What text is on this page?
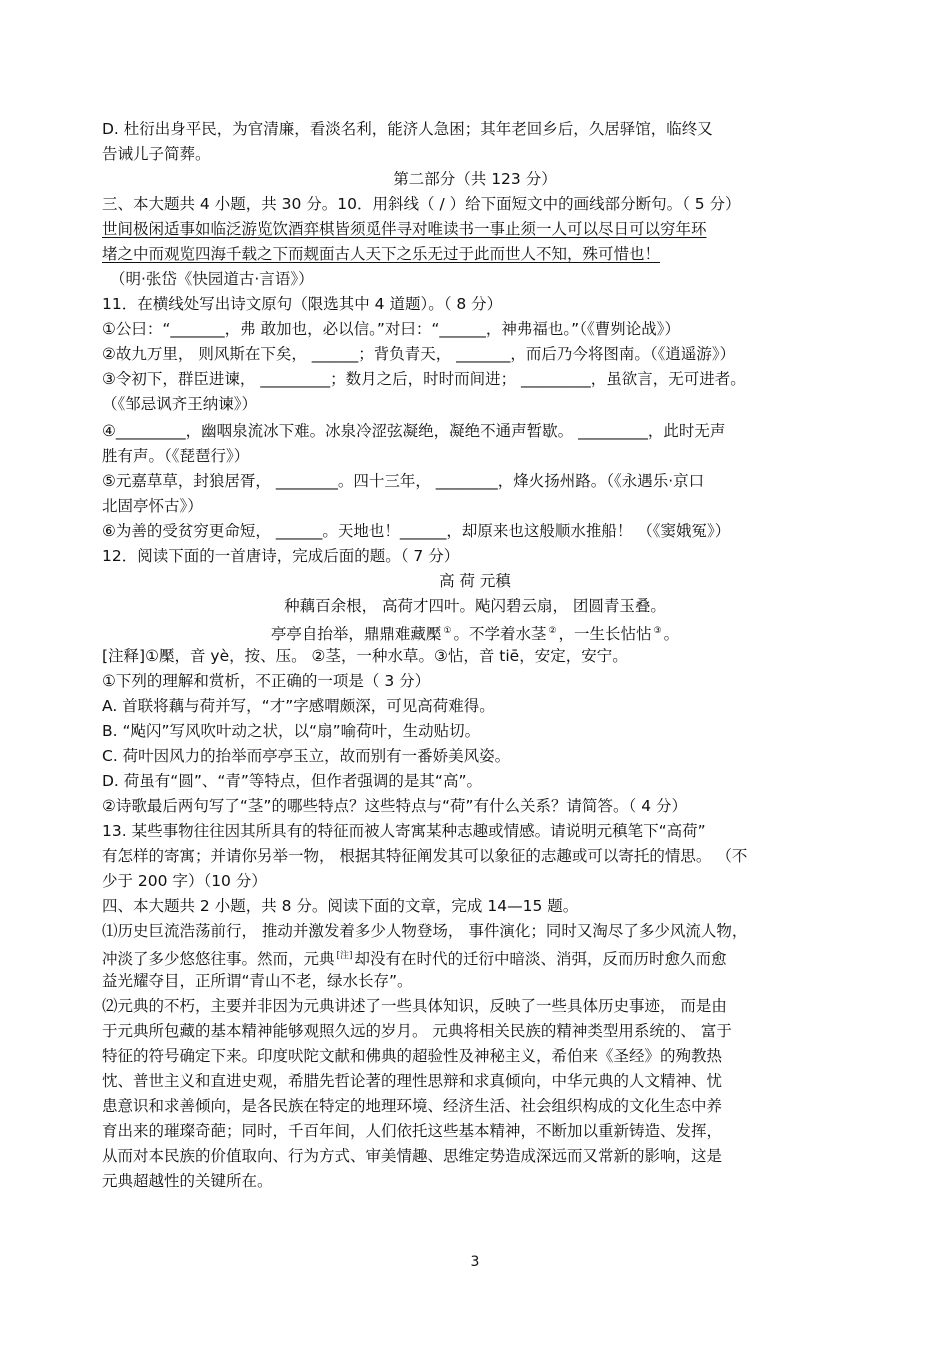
D. 杜衍出身平民，为官清廉，看淡名利，能济人急困；其年老回乡后，久居驿馆，临终又
告诫儿子简葬。
第二部分（共 123 分）
三、本大题共 4 小题，共 30 分。10．用斜线（ / ）给下面短文中的画线部分断句。（ 5 分）
世间极闲适事如临泛游览饮酒弈棋皆须觅伴寻对唯读书一事止须一人可以尽日可以穷年环
堵之中而观览四海千载之下而觌面古人天下之乐无过于此而世人不知，殊可惜也！
（明·张岱《快园道古·言语》）
11．在横线处写出诗文原句（限选其中 4 道题）。（ 8 分）
①公曰：“_______，弗 敢加也，必以信。”对曰：“______，神弗福也。”（《曹刿论战》）
②故九万里， 则风斯在下矣， ______；背负青天， _______，而后乃今将图南。（《逍遥游》）
③令初下，群臣进谏， _________；数月之后，时时而间进； _________，虽欲言，无可进者。
（《邹忌讽齐王纳谏》）
④_________，幽咽泉流冰下难。冰泉冷涩弦凝绝，凝绝不通声暂歇。 _________，此时无声
胜有声。（《琵琶行》）
⑤元嘉草草，封狼居胥， ________。四十三年， ________，烽火扬州路。（《永遇乐·京口
北固亭怀古》）
⑥为善的受贫穷更命短， ______。天地也！______，却原来也这般顺水推船！ （《窦娥冤》）
12．阅读下面的一首唐诗，完成后面的题。（ 7 分）
高 荷 元稹
种藕百余根， 高荷才四叶。飐闪碧云扇， 团圆青玉叠。
亭亭自抬举，鼎鼎难藏檿 ① 。不学着水茎 ② ，一生长怗怗 ③ 。
[注释]①檿，音 yè，按、压。 ②茎，一种水草。③怗，音 tiē，安定，安宁。
①下列的理解和赏析，不正确的一项是（ 3 分）
A. 首联将藕与荷并写，“才”字感喟颇深，可见高荷难得。
B. “飐闪”写风吹叶动之状，以“扇”喻荷叶，生动贴切。
C. 荷叶因风力的抬举而亭亭玉立，故而别有一番娇美风姿。
D. 荷虽有“圆”、“青”等特点，但作者强调的是其“高”。
②诗歌最后两句写了“茎”的哪些特点？这些特点与“荷”有什么关系？请简答。（ 4 分）
13. 某些事物往往因其所具有的特征而被人寄寓某种志趣或情感。请说明元稹笔下“高荷”
有怎样的寄寓；并请你另举一物， 根据其特征阐发其可以象征的志趣或可以寄托的情思。 （不
少于 200 字）（10 分）
四、本大题共 2 小题，共 8 分。阅读下面的文章，完成 14—15 题。
⑴历史巨流浩荡前行， 推动并激发着多少人物登场， 事件演化；同时又淘尽了多少风流人物，
冲淡了多少悠悠往事。然而，元典 [注] 却没有在时代的迁衍中暗淡、消弭，反而历时愈久而愈
益光耀夺目，正所谓“青山不老，绿水长存”。
⑵元典的不朽，主要并非因为元典讲述了一些具体知识，反映了一些具体历史事迹， 而是由
于元典所包藏的基本精神能够观照久远的岁月。 元典将相关民族的精神类型用系统的、 富于
特征的符号确定下来。印度吠陀文献和佛典的超验性及神秘主义，希伯来《圣经》的殉教热
忱、普世主义和直进史观，希腊先哲论著的理性思辩和求真倾向，中华元典的人文精神、忧
患意识和求善倾向，是各民族在特定的地理环境、经济生活、社会组织构成的文化生态中养
育出来的璀璨奇葩；同时，千百年间，人们依托这些基本精神，不断加以重新铸造、发挥，
从而对本民族的价值取向、行为方式、审美情趣、思维定势造成深远而又常新的影响，这是
元典超越性的关键所在。
3
